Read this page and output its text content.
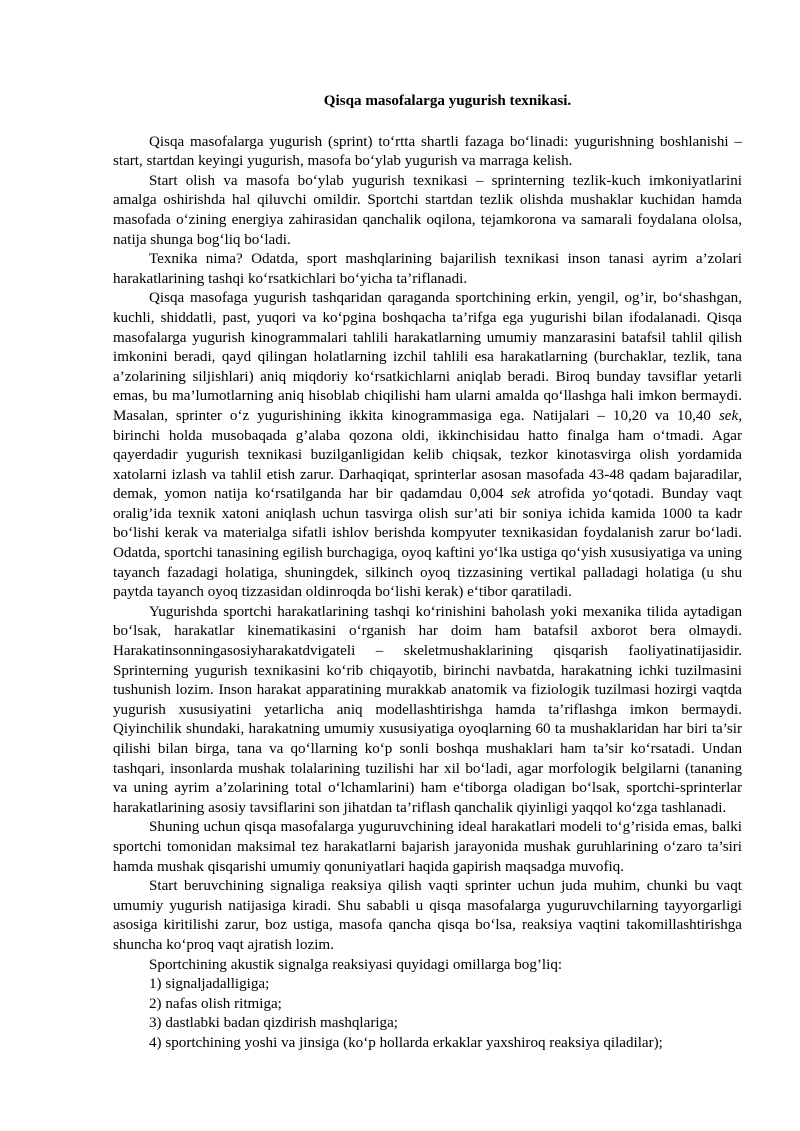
Qisqa masofalarga yugurish texnikasi.

Qisqa masofalarga yugurish (sprint) to‘rtta shartli fazaga bo‘linadi: yugurishning boshlanishi – start, startdan keyingi yugurish, masofa bo‘ylab yugurish va marraga kelish.

Start olish va masofa bo‘ylab yugurish texnikasi – sprinterning tezlik-kuch imkoniyatlarini amalga oshirishda hal qiluvchi omildir. Sportchi startdan tezlik olishda mushaklar kuchidan hamda masofada o‘zining energiya zahirasidan qanchalik oqilona, tejamkorona va samarali foydalana ololsa, natija shunga bog‘liq bo‘ladi.

Texnika nima? Odatda, sport mashqlarining bajarilish texnikasi inson tanasi ayrim a’zolari harakatlarining tashqi ko‘rsatkichlari bo‘yicha ta’riflanadi.

Qisqa masofaga yugurish tashqaridan qaraganda sportchining erkin, yengil, og’ir, bo‘shashgan, kuchli, shiddatli, past, yuqori va ko‘pgina boshqacha ta’rifga ega yugurishi bilan ifodalanadi. Qisqa masofalarga yugurish kinogrammalari tahlili harakatlarning umumiy manzarasini batafsil tahlil qilish imkonini beradi, qayd qilingan holatlarning izchil tahlili esa harakatlarning (burchaklar, tezlik, tana a’zolarining siljishlari) aniq miqdoriy ko‘rsatkichlarni aniqlab beradi. Biroq bunday tavsiflar yetarli emas, bu ma’lumotlarning aniq hisoblab chiqilishi ham ularni amalda qo‘llashga hali imkon bermaydi. Masalan, sprinter o‘z yugurishining ikkita kinogrammasiga ega. Natijalari – 10,20 va 10,40 sek, birinchi holda musobaqada g’alaba qozona oldi, ikkinchisidau hatto finalga ham o‘tmadi. Agar qayerdadir yugurish texnikasi buzilganligidan kelib chiqsak, tezkor kinotasvirga olish yordamida xatolarni izlash va tahlil etish zarur. Darhaqiqat, sprinterlar asosan masofada 43-48 qadam bajaradilar, demak, yomon natija ko‘rsatilganda har bir qadamdau 0,004 sek atrofida yo‘qotadi. Bunday vaqt oralig’ida texnik xatoni aniqlash uchun tasvirga olish sur’ati bir soniya ichida kamida 1000 ta kadr bo‘lishi kerak va materialga sifatli ishlov berishda kompyuter texnikasidan foydalanish zarur bo‘ladi. Odatda, sportchi tanasining egilish burchagiga, oyoq kaftini yo‘lka ustiga qo‘yish xususiyatiga va uning tayanch fazadagi holatiga, shuningdek, silkinch oyoq tizzasining vertikal palladagi holatiga (u shu paytda tayanch oyoq tizzasidan oldinroqda bo‘lishi kerak) e‘tibor qaratiladi.

Yugurishda sportchi harakatlarining tashqi ko‘rinishini baholash yoki mexanika tilida aytadigan bo‘lsak, harakatlar kinematikasini o‘rganish har doim ham batafsil axborot bera olmaydi. Harakatinsonningasosiyharakatdvigateli – skeletmushaklarining qisqarish faoliyatinatijasidir. Sprinterning yugurish texnikasini ko‘rib chiqayotib, birinchi navbatda, harakatning ichki tuzilmasini tushunish lozim. Inson harakat apparatining murakkab anatomik va fiziologik tuzilmasi hozirgi vaqtda yugurish xususiyatini yetarlicha aniq modellashtirishga hamda ta’riflashga imkon bermaydi. Qiyinchilik shundaki, harakatning umumiy xususiyatiga oyoqlarning 60 ta mushaklaridan har biri ta’sir qilishi bilan birga, tana va qo‘llarning ko‘p sonli boshqa mushaklari ham ta’sir ko‘rsatadi. Undan tashqari, insonlarda mushak tolalarining tuzilishi har xil bo‘ladi, agar morfologik belgilarni (tananing va uning ayrim a’zolarining total o‘lchamlarini) ham e‘tiborga oladigan bo‘lsak, sportchi-sprinterlar harakatlarining asosiy tavsiflarini son jihatdan ta’riflash qanchalik qiyinligi yaqqol ko‘zga tashlanadi.

Shuning uchun qisqa masofalarga yuguruvchining ideal harakatlari modeli to‘g’risida emas, balki sportchi tomonidan maksimal tez harakatlarni bajarish jarayonida mushak guruhlarining o‘zaro ta’siri hamda mushak qisqarishi umumiy qonuniyatlari haqida gapirish maqsadga muvofiq.

Start beruvchining signaliga reaksiya qilish vaqti sprinter uchun juda muhim, chunki bu vaqt umumiy yugurish natijasiga kiradi. Shu sababli u qisqa masofalarga yuguruvchilarning tayyorgarligi asosiga kiritilishi zarur, boz ustiga, masofa qancha qisqa bo‘lsa, reaksiya vaqtini takomillashtirishga shuncha ko‘proq vaqt ajratish lozim.

Sportchining akustik signalga reaksiyasi quyidagi omillarga bog’liq:

1) signaljadalligiga;

2) nafas olish ritmiga;

3) dastlabki badan qizdirish mashqlariga;

4) sportchining yoshi va jinsiga (ko‘p hollarda erkaklar yaxshiroq reaksiya qiladilar);
